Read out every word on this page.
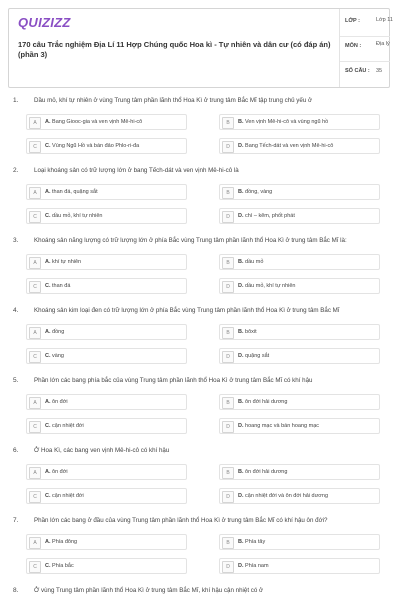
QUIZIZZ
170 câu Trắc nghiệm Địa Lí 11 Hợp Chúng quốc Hoa kì - Tự nhiên và dân cư (có đáp án) (phần 3)
LỚP :	Lớp 11
MÔN :	Địa lý
SỐ CÂU : 35
1.	Dầu mỏ, khí tự nhiên ở vùng Trung tâm phần lãnh thổ Hoa Kì ở trung tâm Bắc Mĩ tập trung chủ yếu ở
A	A. Bang Giooc-gia và ven vịnh Mê-hi-cô	B	B. Ven vịnh Mê-hi-cô và vùng ngũ hồ
C	C. Vùng Ngũ Hồ và bán đảo Phlo-ri-đa	D	D. Bang Tếch-dát và ven vịnh Mê-hi-cô
2.	Loại khoáng sản có trữ lượng lớn ở bang Tếch-dát và ven vịnh Mê-hi-cô là
A	A. than đá, quặng sắt	B	B. đồng, vàng
C	C. dầu mỏ, khí tự nhiên	D	D. chì – kẽm, phốt phát
3.	Khoáng sản năng lượng có trữ lượng lớn ở phía Bắc vùng Trung tâm phần lãnh thổ Hoa Kì ở trung tâm Bắc Mĩ là:
A	A. khí tự nhiên	B	B. dầu mỏ
C	C. than đá	D	D. dầu mỏ, khí tự nhiên
4.	Khoáng sản kim loại đen có trữ lượng lớn ở phía Bắc vùng Trung tâm phần lãnh thổ Hoa Kì ở trung tâm Bắc Mĩ
A	A. đồng	B	B. bôxit
C	C. vàng	D	D. quặng sắt
5.	Phần lớn các bang phía bắc của vùng Trung tâm phần lãnh thổ Hoa Kì ở trung tâm Bắc Mĩ có khí hậu
A	A. ôn đới	B	B. ôn đới hải dương
C	C. cận nhiệt đới	D	D. hoang mạc và bán hoang mạc
6.	Ở Hoa Kì, các bang ven vịnh Mê-hi-cô có khí hậu
A	A. ôn đới	B	B. ôn đới hải dương
C	C. cận nhiệt đới	D	D. cận nhiệt đới và ôn đới hải dương
7.	Phần lớn các bang ở đầu của vùng Trung tâm phần lãnh thổ Hoa Kì ở trung tâm Bắc Mĩ có khí hậu ôn đới?
A	A. Phía đông	B	B. Phía tây
C	C. Phía bắc	D	D. Phía nam
8.	Ở vùng Trung tâm phần lãnh thổ Hoa Kì ở trung tâm Bắc Mĩ, khí hậu cận nhiệt có ở
